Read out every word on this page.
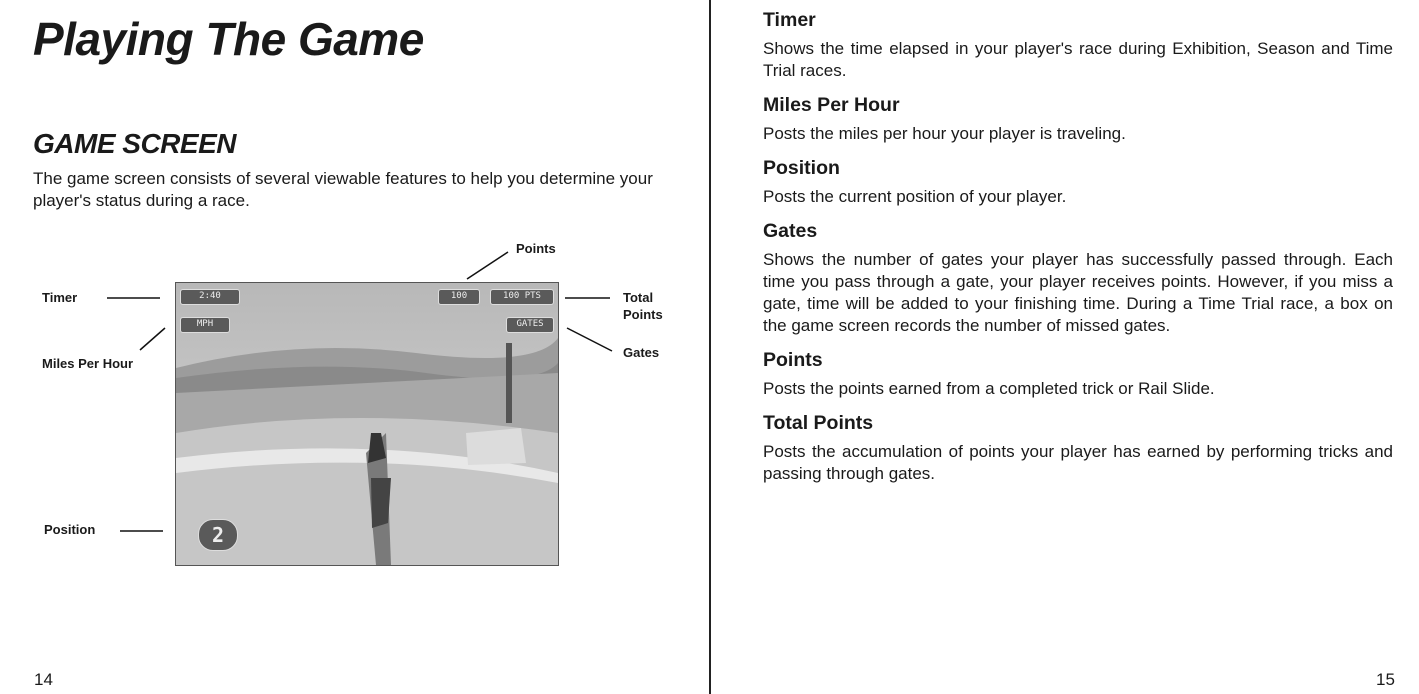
Playing The Game
GAME SCREEN

The game screen consists of several viewable features to help you determine your player's status during a race.

Timer
Miles Per Hour
Position
Points
Total
Points
Gates
2:40
MPH
100	100 PTS
GATES
2
14
Timer

Shows the time elapsed in your player's race during Exhibition, Season and Time Trial races.

Miles Per Hour

Posts the miles per hour your player is traveling.

Position

Posts the current position of your player.

Gates

Shows the number of gates your player has successfully passed through. Each time you pass through a gate, your player receives points. However, if you miss a gate, time will be added to your finishing time. During a Time Trial race, a box on the game screen records the number of missed gates.

Points

Posts the points earned from a completed trick or Rail Slide.

Total Points

Posts the accumulation of points your player has earned by performing tricks and passing through gates.

15
